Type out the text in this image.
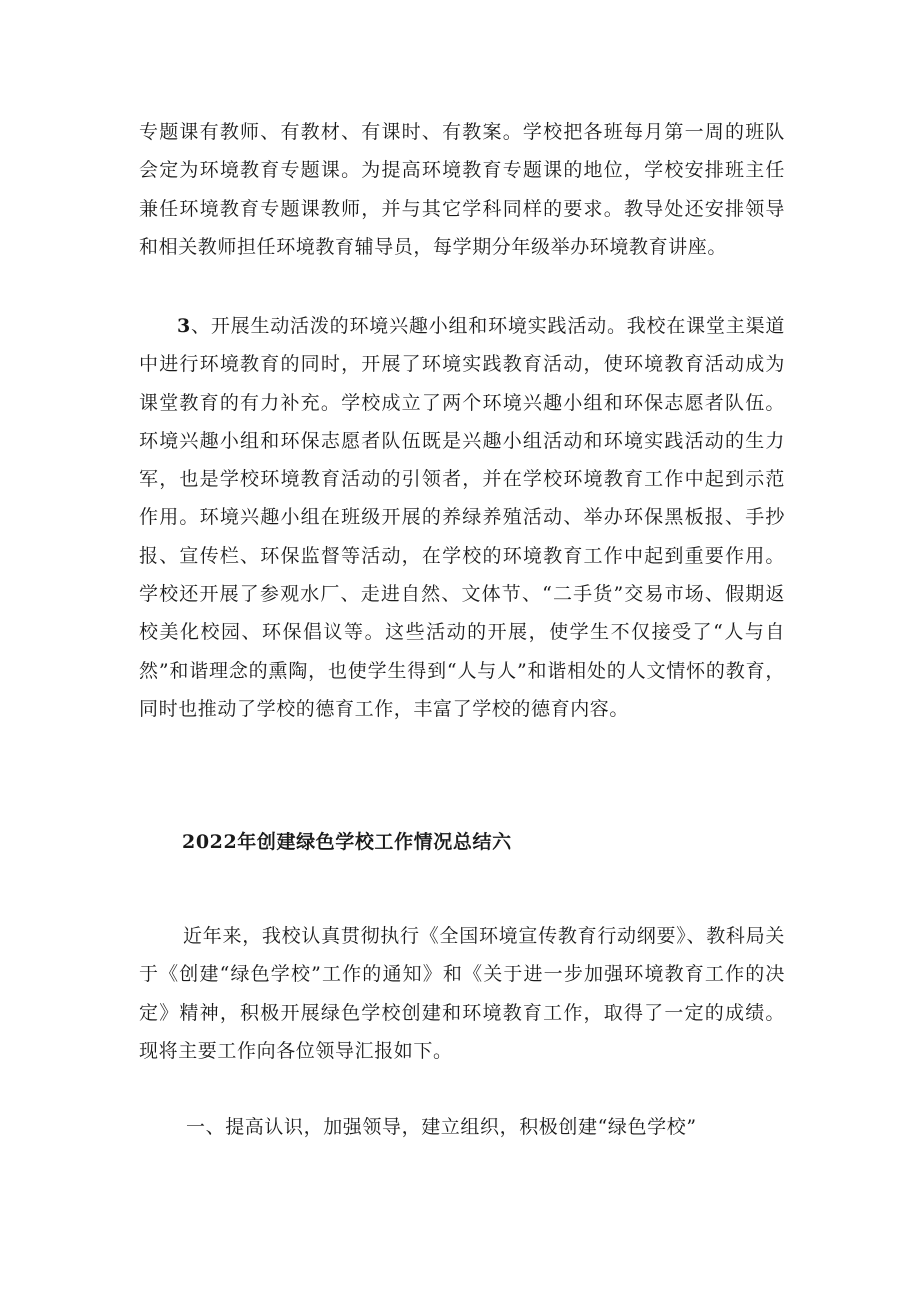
专题课有教师、有教材、有课时、有教案。学校把各班每月第一周的班队会定为环境教育专题课。为提高环境教育专题课的地位，学校安排班主任兼任环境教育专题课教师，并与其它学科同样的要求。教导处还安排领导和相关教师担任环境教育辅导员，每学期分年级举办环境教育讲座。

3、开展生动活泼的环境兴趣小组和环境实践活动。我校在课堂主渠道中进行环境教育的同时，开展了环境实践教育活动，使环境教育活动成为课堂教育的有力补充。学校成立了两个环境兴趣小组和环保志愿者队伍。环境兴趣小组和环保志愿者队伍既是兴趣小组活动和环境实践活动的生力军，也是学校环境教育活动的引领者，并在学校环境教育工作中起到示范作用。环境兴趣小组在班级开展的养绿养殖活动、举办环保黑板报、手抄报、宣传栏、环保监督等活动，在学校的环境教育工作中起到重要作用。学校还开展了参观水厂、走进自然、文体节、“二手货”交易市场、假期返校美化校园、环保倡议等。这些活动的开展，使学生不仅接受了“人与自然”和谐理念的熏陶，也使学生得到“人与人”和谐相处的人文情怀的教育，同时也推动了学校的德育工作，丰富了学校的德育内容。

2022年创建绿色学校工作情况总结六

近年来，我校认真贯彻执行《全国环境宣传教育行动纲要》、教科局关于《创建“绿色学校”工作的通知》和《关于进一步加强环境教育工作的决定》精神，积极开展绿色学校创建和环境教育工作，取得了一定的成绩。现将主要工作向各位领导汇报如下。

一、提高认识，加强领导，建立组织，积极创建“绿色学校”
